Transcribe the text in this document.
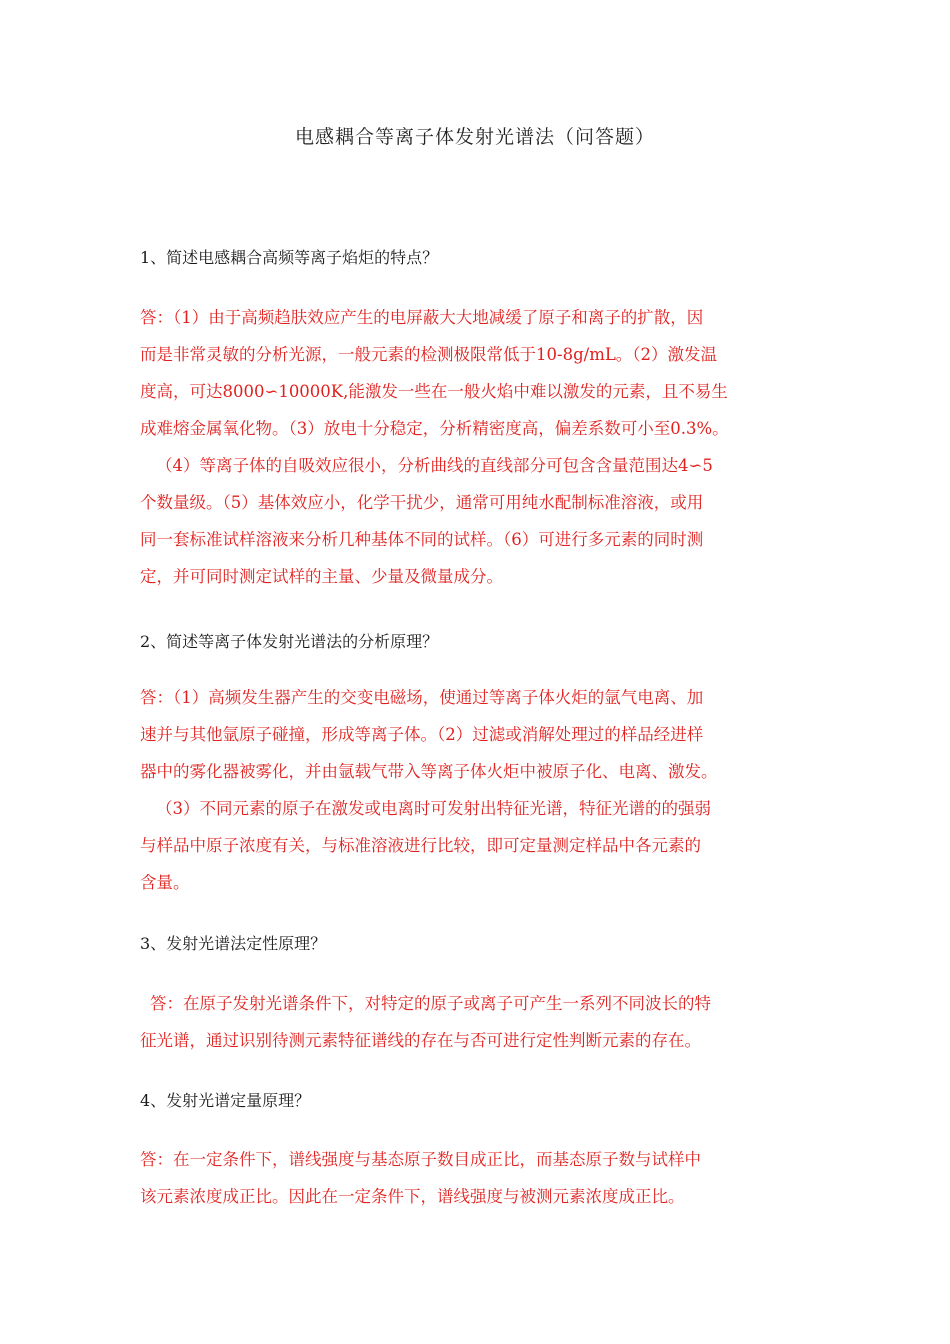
电感耦合等离子体发射光谱法（问答题）
1、简述电感耦合高频等离子焰炬的特点？
答：（1）由于高频趋肤效应产生的电屏蔽大大地减缓了原子和离子的扩散，因
而是非常灵敏的分析光源，一般元素的检测极限常低于10-8g/mL。（2）激发温
度高，可达8000∽10000K,能激发一些在一般火焰中难以激发的元素，且不易生
成难熔金属氧化物。（3）放电十分稳定，分析精密度高，偏差系数可小至0.3%。
（4）等离子体的自吸效应很小，分析曲线的直线部分可包含含量范围达4∽5
个数量级。（5）基体效应小，化学干扰少，通常可用纯水配制标准溶液，或用
同一套标准试样溶液来分析几种基体不同的试样。（6）可进行多元素的同时测
定，并可同时测定试样的主量、少量及微量成分。
2、简述等离子体发射光谱法的分析原理？
答：（1）高频发生器产生的交变电磁场，使通过等离子体火炬的氩气电离、加
速并与其他氩原子碰撞，形成等离子体。（2）过滤或消解处理过的样品经进样
器中的雾化器被雾化，并由氩载气带入等离子体火炬中被原子化、电离、激发。
（3）不同元素的原子在激发或电离时可发射出特征光谱，特征光谱的的强弱
与样品中原子浓度有关，与标准溶液进行比较，即可定量测定样品中各元素的
含量。
3、发射光谱法定性原理？
答：在原子发射光谱条件下，对特定的原子或离子可产生一系列不同波长的特
征光谱，通过识别待测元素特征谱线的存在与否可进行定性判断元素的存在。
4、发射光谱定量原理？
答：在一定条件下，谱线强度与基态原子数目成正比，而基态原子数与试样中
该元素浓度成正比。因此在一定条件下，谱线强度与被测元素浓度成正比。
